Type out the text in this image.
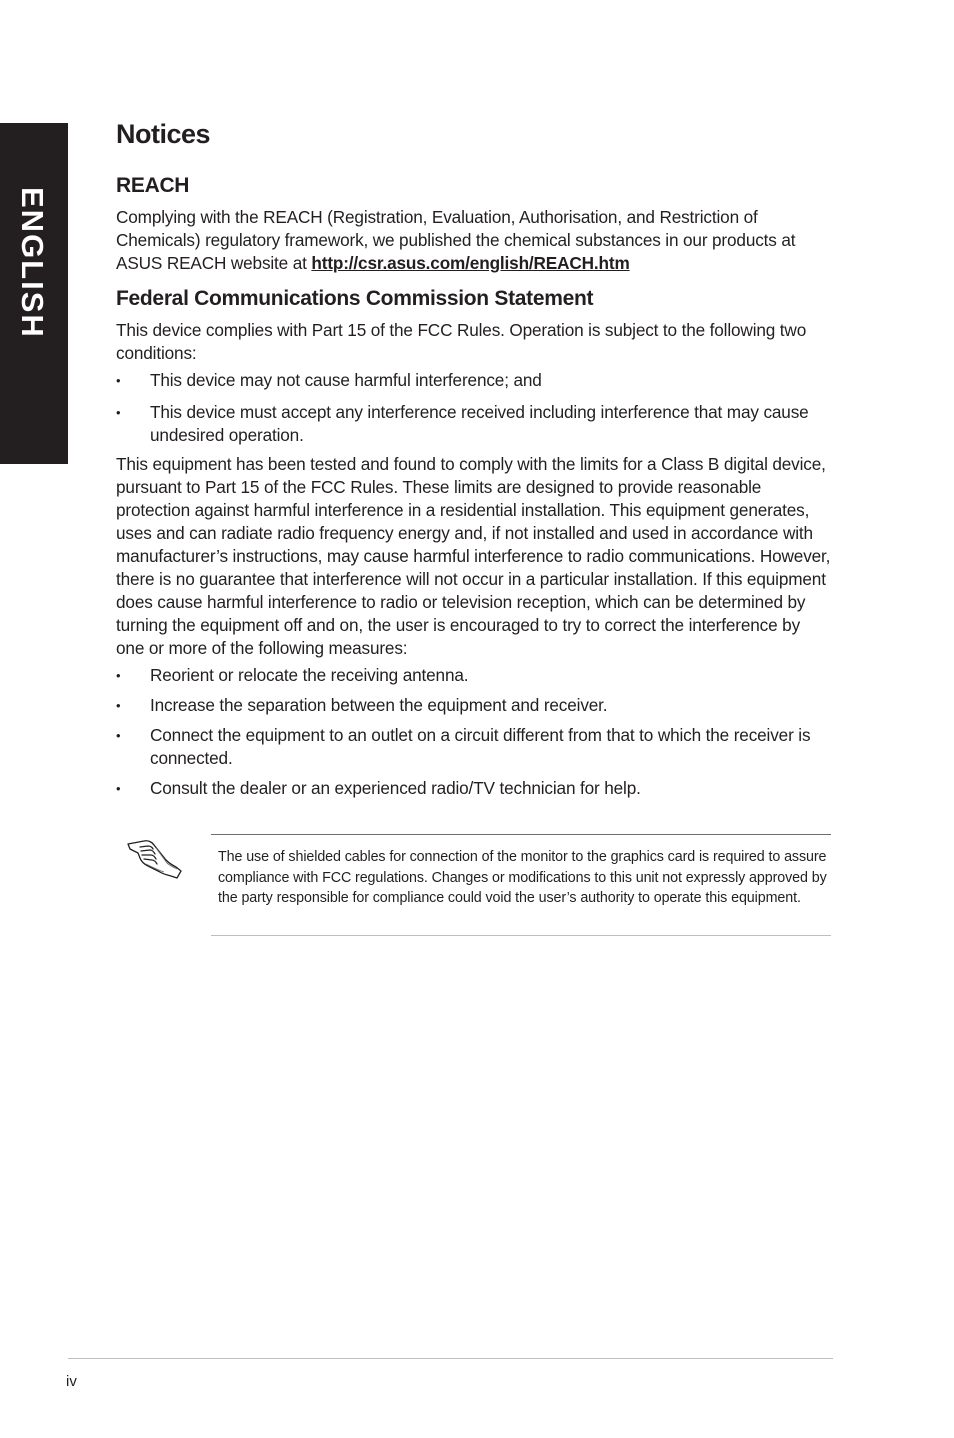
ENGLISH
Notices
REACH

Complying with the REACH (Registration, Evaluation, Authorisation, and Restriction of Chemicals) regulatory framework, we published the chemical substances in our products at ASUS REACH website at http://csr.asus.com/english/REACH.htm

Federal Communications Commission Statement

This device complies with Part 15 of the FCC Rules. Operation is subject to the following two conditions:

• This device may not cause harmful interference; and
• This device must accept any interference received including interference that may cause undesired operation.

This equipment has been tested and found to comply with the limits for a Class B digital device, pursuant to Part 15 of the FCC Rules. These limits are designed to provide reasonable protection against harmful interference in a residential installation. This equipment generates, uses and can radiate radio frequency energy and, if not installed and used in accordance with manufacturer’s instructions, may cause harmful interference to radio communications. However, there is no guarantee that interference will not occur in a particular installation. If this equipment does cause harmful interference to radio or television reception, which can be determined by turning the equipment off and on, the user is encouraged to try to correct the interference by one or more of the following measures:

• Reorient or relocate the receiving antenna.
• Increase the separation between the equipment and receiver.
• Connect the equipment to an outlet on a circuit different from that to which the receiver is connected.
• Consult the dealer or an experienced radio/TV technician for help.

The use of shielded cables for connection of the monitor to the graphics card is required to assure compliance with FCC regulations. Changes or modifications to this unit not expressly approved by the party responsible for compliance could void the user’s authority to operate this equipment.

iv
